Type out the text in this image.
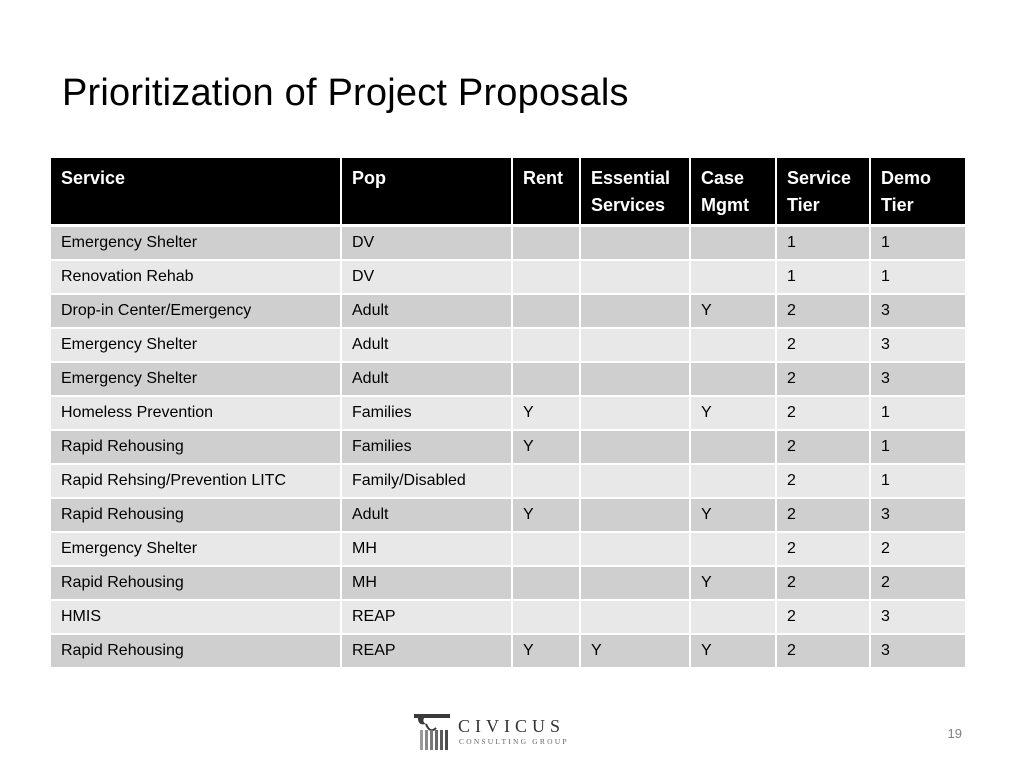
Prioritization of Project Proposals
Service	Pop	Rent	Essential Services	Case Mgmt	Service Tier	Demo Tier
Emergency Shelter	DV				1	1
Renovation Rehab	DV				1	1
Drop-in Center/Emergency	Adult			Y	2	3
Emergency Shelter	Adult				2	3
Emergency Shelter	Adult				2	3
Homeless Prevention	Families	Y		Y	2	1
Rapid Rehousing	Families	Y			2	1
Rapid Rehsing/Prevention LITC	Family/Disabled				2	1
Rapid Rehousing	Adult	Y		Y	2	3
Emergency Shelter	MH				2	2
Rapid Rehousing	MH			Y	2	2
HMIS	REAP				2	3
Rapid Rehousing	REAP	Y	Y	Y	2	3
CIVICUS
CONSULTING GROUP
19
